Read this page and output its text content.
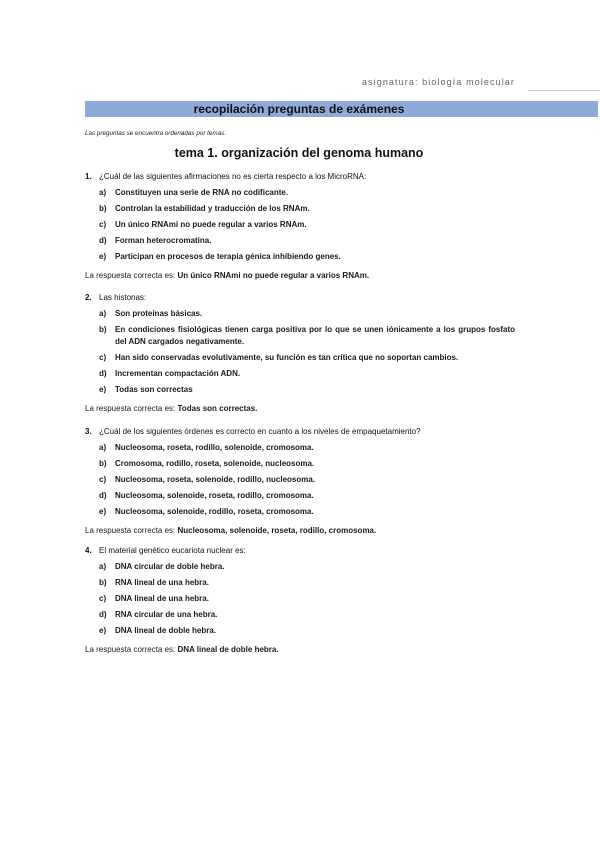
asignatura: biología molecular
recopilación preguntas de exámenes
Las preguntas se encuentra ordenadas por temas.
tema 1. organización del genoma humano
1. ¿Cuál de las siguientes afirmaciones no es cierta respecto a los MicroRNA:
a) Constituyen una serie de RNA no codificante.
b) Controlan la estabilidad y traducción de los RNAm.
c) Un único RNAmi no puede regular a varios RNAm.
d) Forman heterocromatina.
e) Participan en procesos de terapia génica inhibiendo genes.
La respuesta correcta es: Un único RNAmi no puede regular a varios RNAm.
2. Las histonas:
a) Son proteínas básicas.
b) En condiciones fisiológicas tienen carga positiva por lo que se unen iónicamente a los grupos fosfato del ADN cargados negativamente.
c) Han sido conservadas evolutivamente, su función es tan crítica que no soportan cambios.
d) Incrementan compactación ADN.
e) Todas son correctas
La respuesta correcta es: Todas son correctas.
3. ¿Cuál de los siguientes órdenes es correcto en cuanto a los niveles de empaquetamiento?
a) Nucleosoma, roseta, rodillo, solenoide, cromosoma.
b) Cromosoma, rodillo, roseta, solenoide, nucleosoma.
c) Nucleosoma, roseta, solenoide, rodillo, nucleosoma.
d) Nucleosoma, solenoide, roseta, rodillo, cromosoma.
e) Nucleosoma, solenoide, rodillo, roseta, cromosoma.
La respuesta correcta es: Nucleosoma, solenoide, roseta, rodillo, cromosoma.
4. El material genético eucariota nuclear es:
a) DNA circular de doble hebra.
b) RNA lineal de una hebra.
c) DNA lineal de una hebra.
d) RNA circular de una hebra.
e) DNA lineal de doble hebra.
La respuesta correcta es: DNA lineal de doble hebra.
